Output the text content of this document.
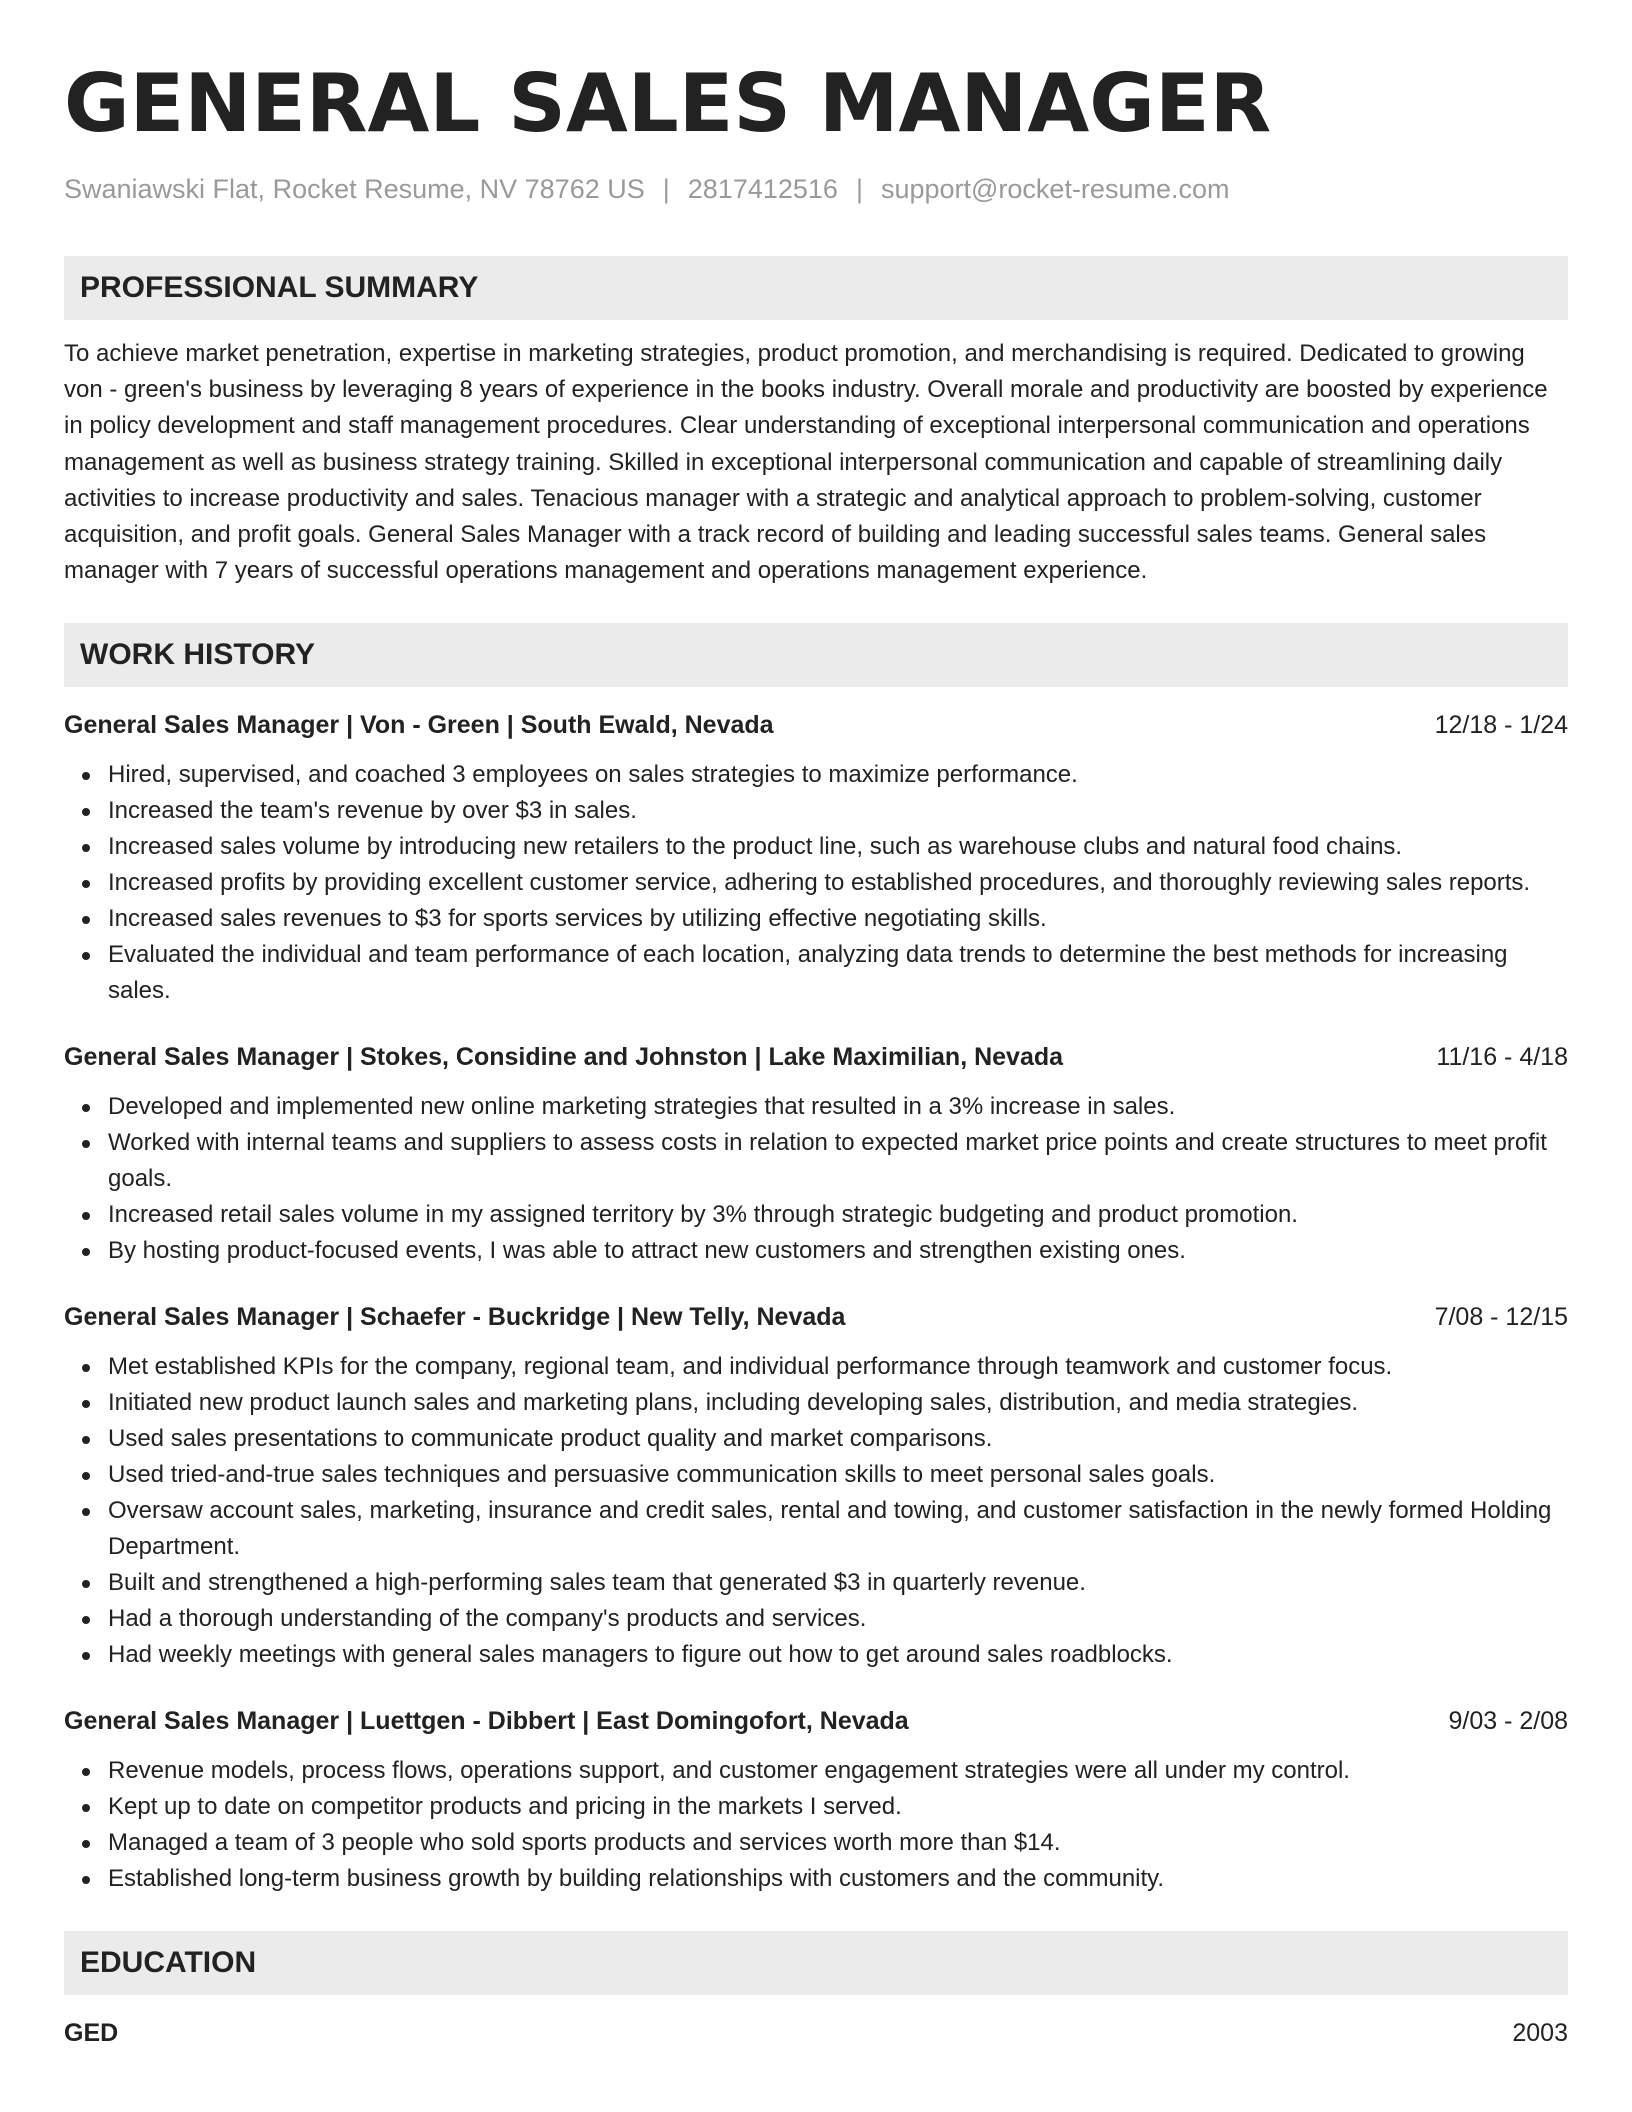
GENERAL SALES MANAGER
Swaniawski Flat, Rocket Resume, NV 78762 US | 2817412516 | support@rocket-resume.com
PROFESSIONAL SUMMARY
To achieve market penetration, expertise in marketing strategies, product promotion, and merchandising is required. Dedicated to growing von - green's business by leveraging 8 years of experience in the books industry. Overall morale and productivity are boosted by experience in policy development and staff management procedures. Clear understanding of exceptional interpersonal communication and operations management as well as business strategy training. Skilled in exceptional interpersonal communication and capable of streamlining daily activities to increase productivity and sales. Tenacious manager with a strategic and analytical approach to problem-solving, customer acquisition, and profit goals. General Sales Manager with a track record of building and leading successful sales teams. General sales manager with 7 years of successful operations management and operations management experience.
WORK HISTORY
General Sales Manager | Von - Green | South Ewald, Nevada	12/18 - 1/24
Hired, supervised, and coached 3 employees on sales strategies to maximize performance.
Increased the team's revenue by over $3 in sales.
Increased sales volume by introducing new retailers to the product line, such as warehouse clubs and natural food chains.
Increased profits by providing excellent customer service, adhering to established procedures, and thoroughly reviewing sales reports.
Increased sales revenues to $3 for sports services by utilizing effective negotiating skills.
Evaluated the individual and team performance of each location, analyzing data trends to determine the best methods for increasing sales.
General Sales Manager | Stokes, Considine and Johnston | Lake Maximilian, Nevada	11/16 - 4/18
Developed and implemented new online marketing strategies that resulted in a 3% increase in sales.
Worked with internal teams and suppliers to assess costs in relation to expected market price points and create structures to meet profit goals.
Increased retail sales volume in my assigned territory by 3% through strategic budgeting and product promotion.
By hosting product-focused events, I was able to attract new customers and strengthen existing ones.
General Sales Manager | Schaefer - Buckridge | New Telly, Nevada	7/08 - 12/15
Met established KPIs for the company, regional team, and individual performance through teamwork and customer focus.
Initiated new product launch sales and marketing plans, including developing sales, distribution, and media strategies.
Used sales presentations to communicate product quality and market comparisons.
Used tried-and-true sales techniques and persuasive communication skills to meet personal sales goals.
Oversaw account sales, marketing, insurance and credit sales, rental and towing, and customer satisfaction in the newly formed Holding Department.
Built and strengthened a high-performing sales team that generated $3 in quarterly revenue.
Had a thorough understanding of the company's products and services.
Had weekly meetings with general sales managers to figure out how to get around sales roadblocks.
General Sales Manager | Luettgen - Dibbert | East Domingofort, Nevada	9/03 - 2/08
Revenue models, process flows, operations support, and customer engagement strategies were all under my control.
Kept up to date on competitor products and pricing in the markets I served.
Managed a team of 3 people who sold sports products and services worth more than $14.
Established long-term business growth by building relationships with customers and the community.
EDUCATION
GED	2003
